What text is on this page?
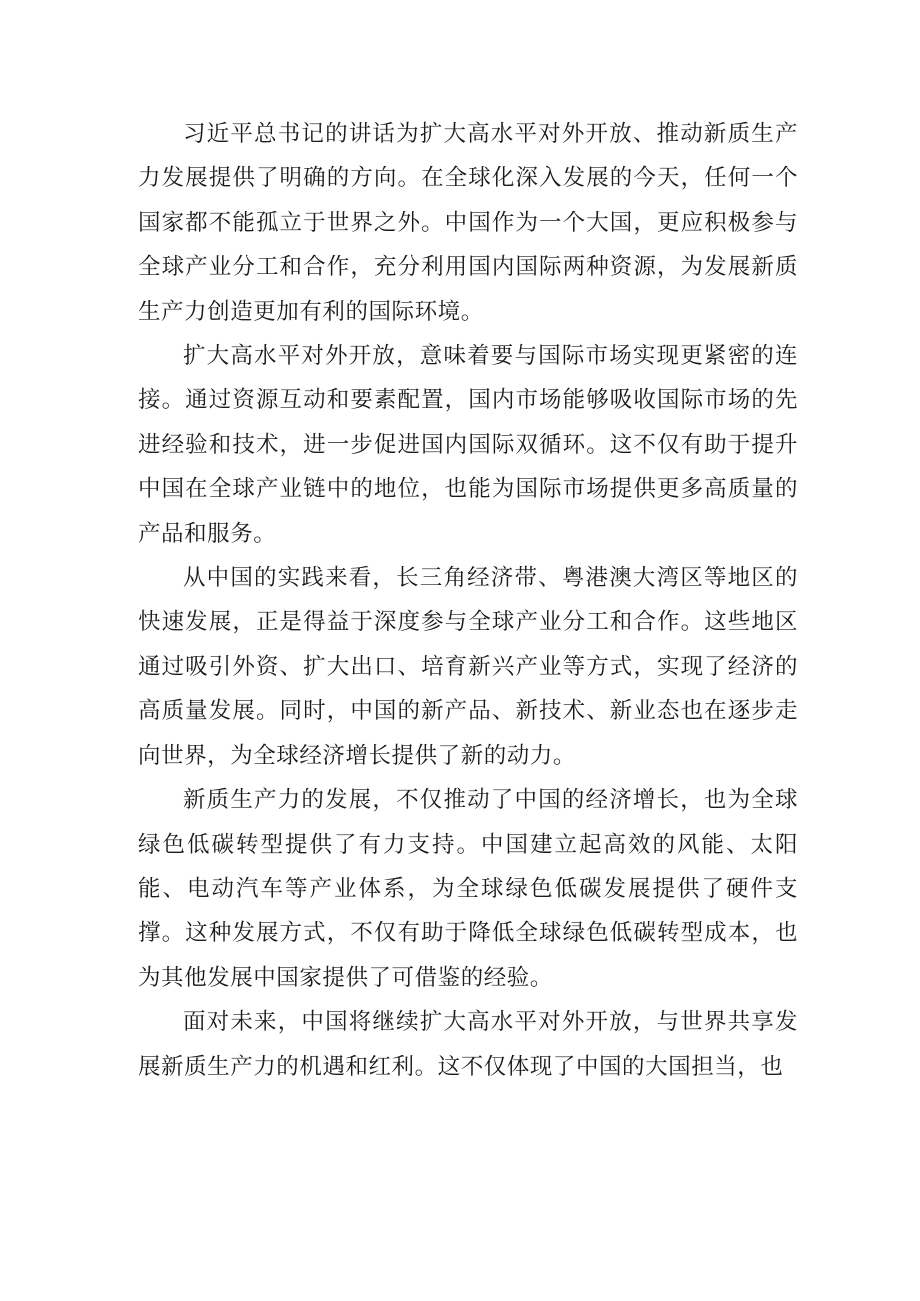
习近平总书记的讲话为扩大高水平对外开放、推动新质生产力发展提供了明确的方向。在全球化深入发展的今天，任何一个国家都不能孤立于世界之外。中国作为一个大国，更应积极参与全球产业分工和合作，充分利用国内国际两种资源，为发展新质生产力创造更加有利的国际环境。

扩大高水平对外开放，意味着要与国际市场实现更紧密的连接。通过资源互动和要素配置，国内市场能够吸收国际市场的先进经验和技术，进一步促进国内国际双循环。这不仅有助于提升中国在全球产业链中的地位，也能为国际市场提供更多高质量的产品和服务。

从中国的实践来看，长三角经济带、粤港澳大湾区等地区的快速发展，正是得益于深度参与全球产业分工和合作。这些地区通过吸引外资、扩大出口、培育新兴产业等方式，实现了经济的高质量发展。同时，中国的新产品、新技术、新业态也在逐步走向世界，为全球经济增长提供了新的动力。

新质生产力的发展，不仅推动了中国的经济增长，也为全球绿色低碳转型提供了有力支持。中国建立起高效的风能、太阳能、电动汽车等产业体系，为全球绿色低碳发展提供了硬件支撑。这种发展方式，不仅有助于降低全球绿色低碳转型成本，也为其他发展中国家提供了可借鉴的经验。

面对未来，中国将继续扩大高水平对外开放，与世界共享发展新质生产力的机遇和红利。这不仅体现了中国的大国担当，也
